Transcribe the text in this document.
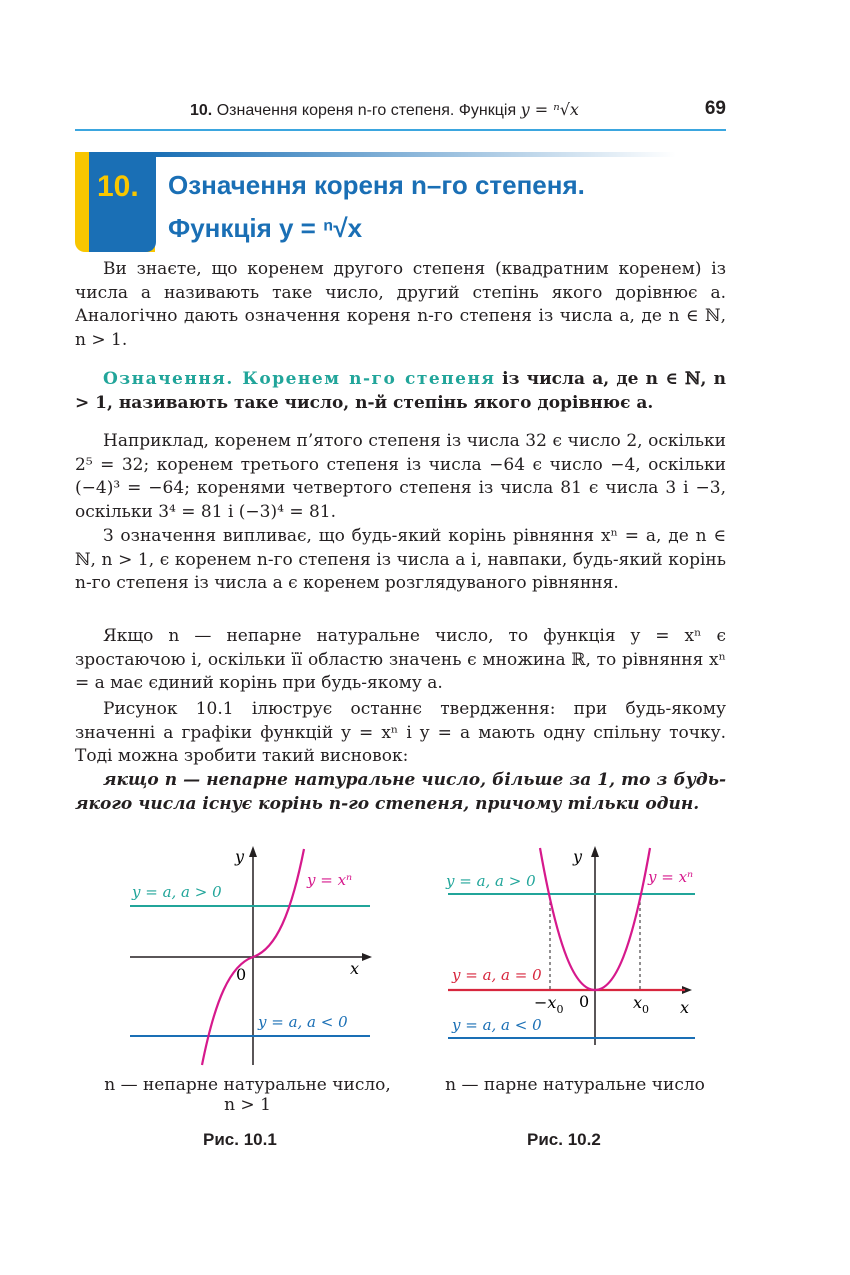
10. Означення кореня n-го степеня. Функція y = ⁿ√x	69
10. Означення кореня n–го степеня.
Функція y = ⁿ√x
Ви знаєте, що коренем другого степеня (квадратним коренем) із числа a називають таке число, другий степінь якого дорівнює a. Аналогічно дають означення кореня n-го степеня із числа a, де n ∈ ℕ, n > 1.
Означення. Коренем n-го степеня із числа a, де n ∈ ℕ, n > 1, називають таке число, n-й степінь якого дорівнює a.
Наприклад, коренем п’ятого степеня із числа 32 є число 2, оскільки 2⁵ = 32; коренем третього степеня із числа −64 є число −4, оскільки (−4)³ = −64; коренями четвертого степеня із числа 81 є числа 3 і −3, оскільки 3⁴ = 81 і (−3)⁴ = 81.
З означення випливає, що будь-який корінь рівняння xⁿ = a, де n ∈ ℕ, n > 1, є коренем n-го степеня із числа a і, навпаки, будь-який корінь n-го степеня із числа a є коренем розглядуваного рівняння.
Якщо n — непарне натуральне число, то функція y = xⁿ є зростаючою і, оскільки її областю значень є множина ℝ, то рівняння xⁿ = a має єдиний корінь при будь-якому a.
Рисунок 10.1 ілюструє останнє твердження: при будь-якому значенні a графіки функцій y = xⁿ і y = a мають одну спільну точку. Тоді можна зробити такий висновок:
якщо n — непарне натуральне число, більше за 1, то з будь-якого числа існує корінь n-го степеня, причому тільки один.
y
x
0
y = xⁿ
y = a, a > 0
y = a, a < 0
n — непарне натуральне число,
n > 1
Рис. 10.1
y
x
0
$-x_0$	$x_0$
y = xⁿ
y = a, a > 0
y = a, a = 0
y = a, a < 0
n — парне натуральне число
Рис. 10.2
